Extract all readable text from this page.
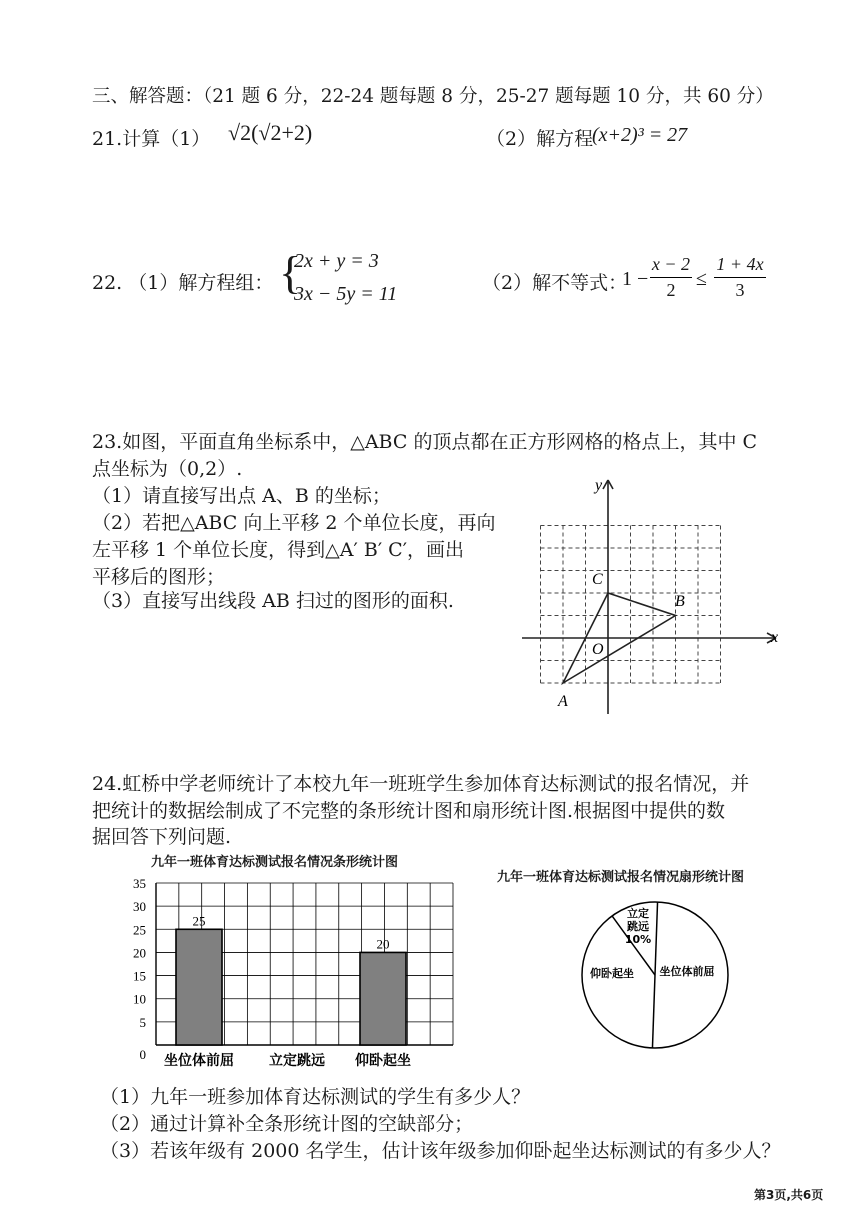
三、解答题：（21 题 6 分，22-24 题每题 8 分，25-27 题每题 10 分，共 60 分）
21.计算（1） √2(√2+2)	（2）解方程
(x+2)³ = 27
22. （1）解方程组： {
2x + y = 3
3x − 5y = 11	（2）解不等式：
1 −
x − 2
2	≤
1 + 4x
3
23.如图，平面直角坐标系中，△ABC 的顶点都在正方形网格的格点上，其中 C
点坐标为（0,2）.
（1）请直接写出点 A、B 的坐标；
（2）若把△ABC 向上平移 2 个单位长度，再向
左平移 1 个单位长度，得到△A′ B′ C′，画出
平移后的图形；
（3）直接写出线段 AB 扫过的图形的面积.
x
y
O
A
B
C
24.虹桥中学老师统计了本校九年一班班学生参加体育达标测试的报名情况，并
把统计的数据绘制成了不完整的条形统计图和扇形统计图.根据图中提供的数
据回答下列问题.
九年一班体育达标测试报名情况条形统计图
0
5
10
15
20
25
30
35
25
坐位体前屈	立定跳远
20
仰卧起坐
九年一班体育达标测试报名情况扇形统计图
立定
跳远
10%
坐位体前屈
仰卧起坐
（1）九年一班参加体育达标测试的学生有多少人？
（2）通过计算补全条形统计图的空缺部分；
（3）若该年级有 2000 名学生，估计该年级参加仰卧起坐达标测试的有多少人？
第3页,共6页
